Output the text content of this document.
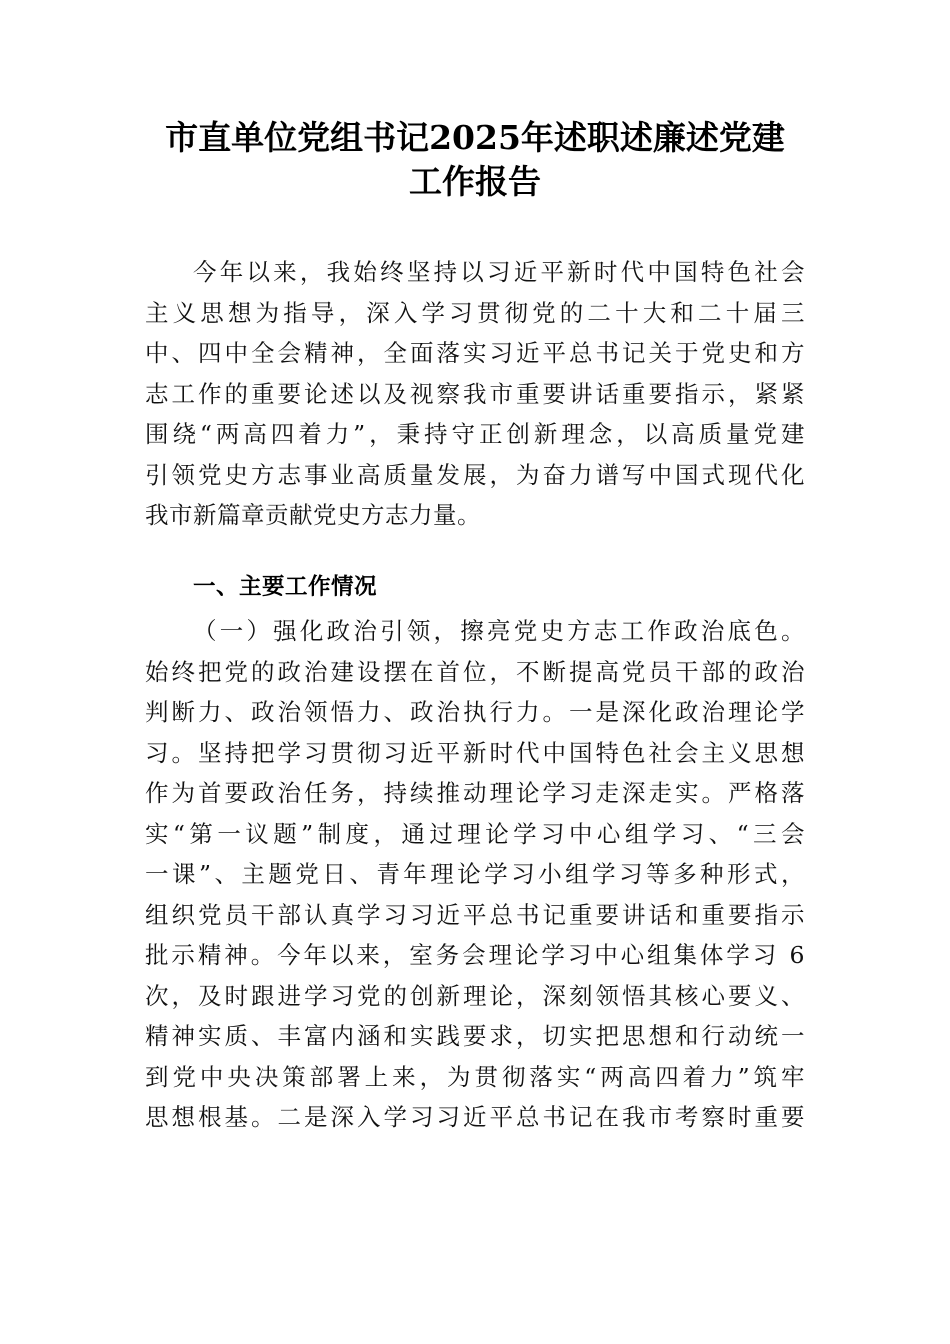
市直单位党组书记2025年述职述廉述党建
工作报告

今年以来，我始终坚持以习近平新时代中国特色社会

主义思想为指导，深入学习贯彻党的二十大和二十届三

中、四中全会精神，全面落实习近平总书记关于党史和方

志工作的重要论述以及视察我市重要讲话重要指示，紧紧

围绕“两高四着力”，秉持守正创新理念，以高质量党建

引领党史方志事业高质量发展，为奋力谱写中国式现代化

我市新篇章贡献党史方志力量。

一、主要工作情况

（一）强化政治引领，擦亮党史方志工作政治底色。

始终把党的政治建设摆在首位，不断提高党员干部的政治

判断力、政治领悟力、政治执行力。一是深化政治理论学

习。坚持把学习贯彻习近平新时代中国特色社会主义思想

作为首要政治任务，持续推动理论学习走深走实。严格落

实“第一议题”制度，通过理论学习中心组学习、“三会

一课”、主题党日、青年理论学习小组学习等多种形式，

组织党员干部认真学习习近平总书记重要讲话和重要指示

批示精神。今年以来，室务会理论学习中心组集体学习 6

次，及时跟进学习党的创新理论，深刻领悟其核心要义、

精神实质、丰富内涵和实践要求，切实把思想和行动统一

到党中央决策部署上来，为贯彻落实“两高四着力”筑牢

思想根基。二是深入学习习近平总书记在我市考察时重要
